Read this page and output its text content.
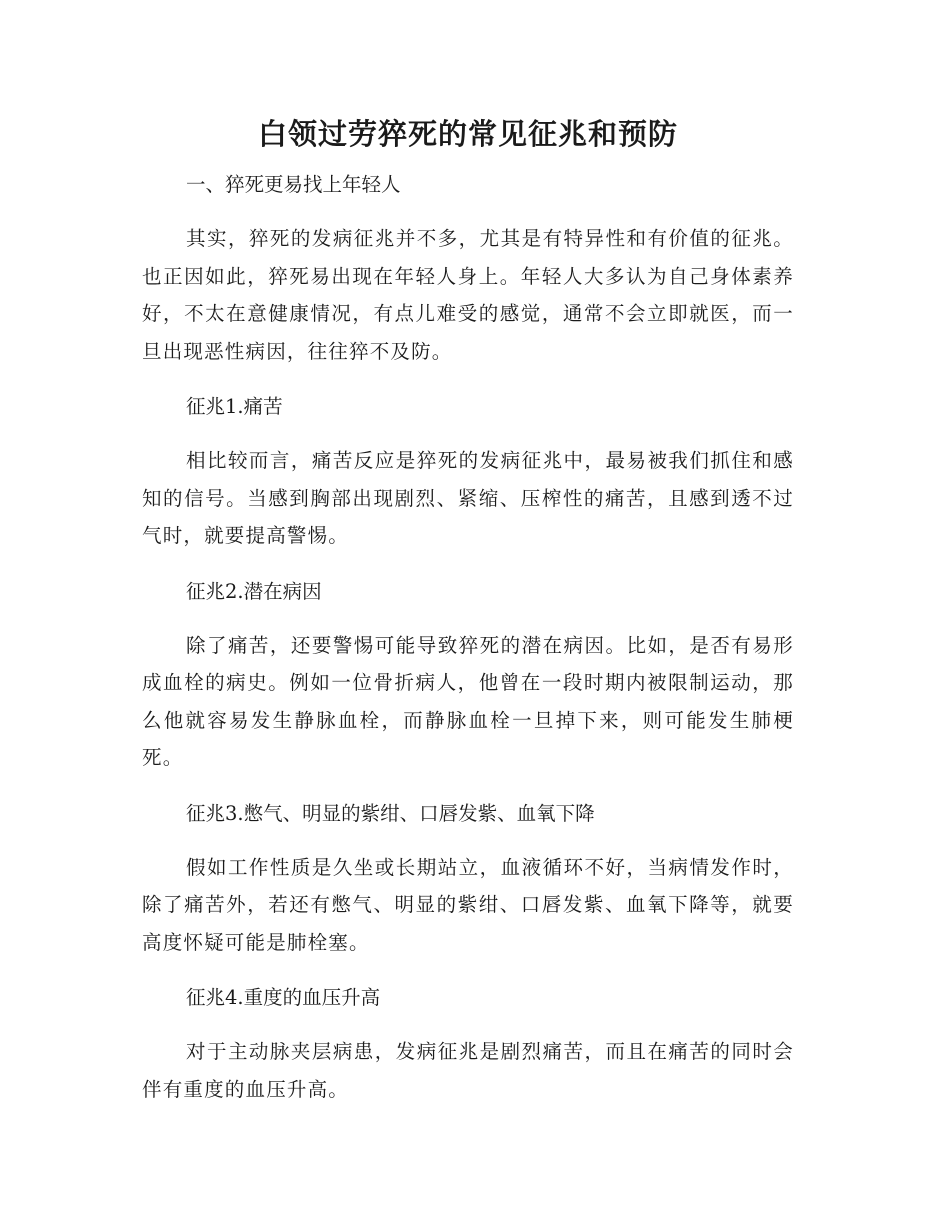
白领过劳猝死的常见征兆和预防

一、猝死更易找上年轻人

其实，猝死的发病征兆并不多，尤其是有特异性和有价值的征兆。也正因如此，猝死易出现在年轻人身上。年轻人大多认为自己身体素养好，不太在意健康情况，有点儿难受的感觉，通常不会立即就医，而一旦出现恶性病因，往往猝不及防。

征兆1.痛苦

相比较而言，痛苦反应是猝死的发病征兆中，最易被我们抓住和感知的信号。当感到胸部出现剧烈、紧缩、压榨性的痛苦，且感到透不过气时，就要提高警惕。

征兆2.潜在病因

除了痛苦，还要警惕可能导致猝死的潜在病因。比如，是否有易形成血栓的病史。例如一位骨折病人，他曾在一段时期内被限制运动，那么他就容易发生静脉血栓，而静脉血栓一旦掉下来，则可能发生肺梗死。

征兆3.憋气、明显的紫绀、口唇发紫、血氧下降

假如工作性质是久坐或长期站立，血液循环不好，当病情发作时，除了痛苦外，若还有憋气、明显的紫绀、口唇发紫、血氧下降等，就要高度怀疑可能是肺栓塞。

征兆4.重度的血压升高

对于主动脉夹层病患，发病征兆是剧烈痛苦，而且在痛苦的同时会伴有重度的血压升高。
